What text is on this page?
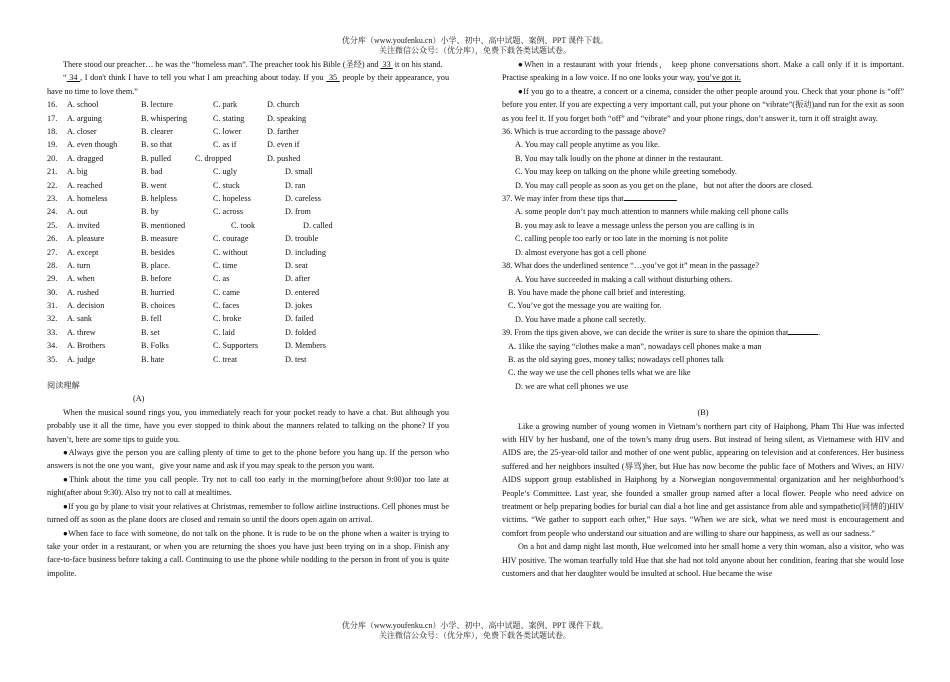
优分库（www.youfenku.cn）小学、初中、高中试题、案例、PPT 课件下载。
关注微信公众号：（优分库），免费下载各类试题试卷。

There stood our preacher… he was the “homeless man”. The preacher took his Bible (圣经) and 33 it on his stand.

“ 34 , I don't think I have to tell you what I am preaching about today. If you 35 people by their appearance, you have no time to love them.”

16.	A. school	B. lecture	C. park	D. church
17.	A. arguing	B. whispering	C. stating	D. speaking
18.	A. closer	B. clearer	C. lower	D. farther
19.	A. even though	B. so that	C. as if	D. even if
20.	A. dragged	B. pulled	C. dropped	D. pushed
21.	A. big	B. bad	C. ugly	D. small
22.	A. reached	B. went	C. stuck	D. ran
23.	A. homeless	B. helpless	C. hopeless	D. careless
24.	A. out	B. by	C. across	D. from
25.	A. invited	B. mentioned	C. took	D. called
26.	A. pleasure	B. measure	C. courage	D. trouble
27.	A. except	B. besides	C. without	D. including
28.	A. turn	B. place.	C. time	D. seat
29.	A. when	B. before	C. as	D. after
30.	A. rushed	B. hurried	C. came	D. entered
31.	A. decision	B. choices	C. faces	D. jokes
32.	A. sank	B. fell	C. broke	D. failed
33.	A. threw	B. set	C. laid	D. folded
34.	A. Brothers	B. Folks	C. Supporters	D. Members
35.	A. judge	B. hate	C. treat	D. test
阅读理解
(A)

When the musical sound rings you, you immediately reach for your pocket ready to have a chat. But although you probably use it all the time, have you ever stopped to think about the manners related to talking on the phone? If you haven’t, here are some tips to guide you.

●Always give the person you are calling plenty of time to get to the phone before you hang up. If the person who answers is not the one you want，give your name and ask if you may speak to the person you want.

●Think about the time you call people. Try not to call too early in the morning(before about 9:00)or too late at night(after about 9:30). Also try not to call at mealtimes.

●If you go by plane to visit your relatives at Christmas, remember to follow airline instructions. Cell phones must be turned off as soon as the plane doors are closed and remain so until the doors open again on arrival.

●When face to face with someone, do not talk on the phone. It is rude to be on the phone when a waiter is trying to take your order in a restaurant, or when you are returning the shoes you have just been trying on in a shop. Finish any face-to-face business before taking a call. Continuing to use the phone while nodding to the person in front of you is quite impolite.

●When in a restaurant with your friends， keep phone conversations short. Make a call only if it is important. Practise speaking in a low voice. If no one looks your way, you’ve got it.

●If you go to a theatre, a concert or a cinema, consider the other people around you. Check that your phone is “off” before you enter. If you are expecting a very important call, put your phone on “vibrate”(振动)and run for the exit as soon as you feel it. If you forget both “off” and “vibrate” and your phone rings, don’t answer it, turn it off straight away.

36. Which is true according to the passage above?
A. You may call people anytime as you like.
B. You may talk loudly on the phone at dinner in the restaurant.
C. You may keep on talking on the phone while greeting somebody.
D. You may call people as soon as you get on the plane，but not after the doors are closed.
37. We may infer from these tips that	.
A. some people don’t pay much attention to manners while making cell phone calls
B. you may ask to leave a message unless the person you are calling is in
C. calling people too early or too late in the morning is not polite
D. almost everyone has got a cell phone
38. What does the underlined sentence “…you’ve got it” mean in the passage?
A. You have succeeded in making a call without disturbing others.
B. You have made the phone call brief and interesting.
C. You’ve got the message you are waiting for.
D. You have made a phone call secretly.
39. From the tips given above, we can decide the writer is sure to share the opinion that	.
A. 1like the saying “clothes make a man”, nowadays cell phones make a man
B. as the old saying goes, money talks; nowadays cell phones talk
C. the way we use the cell phones tells what we are like
D. we are what cell phones we use
(B)

Like a growing number of young women in Vietnam’s northern part city of Haiphong, Pham Thi Hue was infected with HIV by her husband, one of the town’s many drug users. But instead of being silent, as Vietnamese with HIV and AIDS are, the 25-year-old tailor and mother of one went public, appearing on television and at conferences. Her business suffered and her neighbors insulted (辱骂)her, but Hue has now become the public face of Mothers and Wives, an HIV/ AIDS support group established in Haiphong by a Norwegian nongovernmental organization and her neighborhood’s People’s Committee. Last year, she founded a smaller group named after a local flower. People who need advice on treatment or help preparing bodies for burial can dial a hot line and get assistance from able and sympathetic(同情的)HIV victims. “We gather to support each other,” Hue says. “When we are sick, what we need most is encouragement and comfort from people who understand our situation and are willing to share our happiness, as well as our sadness.”

On a hot and damp night last month, Hue welcomed into her small home a very thin woman, also a visitor, who was HIV positive. The woman tearfully told Hue that she had not told anyone about her condition, fearing that she would lose customers and that her daughter would be insulted at school. Hue became the wise

优分库（www.youfenku.cn）小学、初中、高中试题、案例、PPT 课件下载。
关注微信公众号：（优分库），免费下载各类试题试卷。
